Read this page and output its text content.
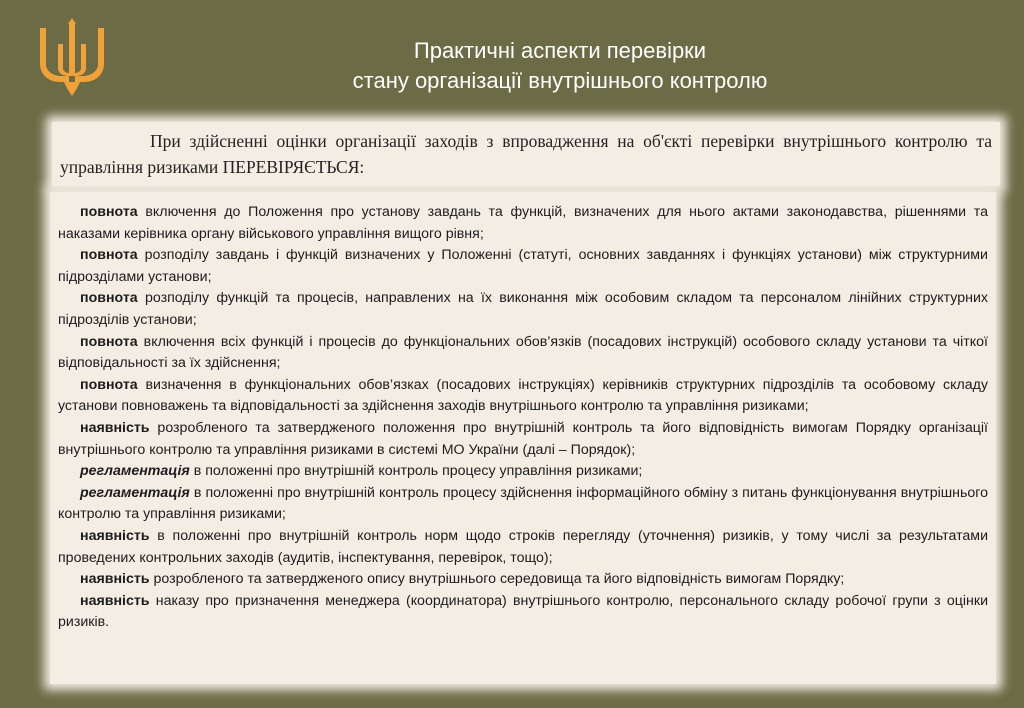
Практичні аспекти перевірки
стану організації внутрішнього контролю

При здійсненні оцінки організації заходів з впровадження на об'єкті перевірки внутрішнього контролю та управління ризиками ПЕРЕВІРЯЄТЬСЯ:

повнота включення до Положення про установу завдань та функцій, визначених для нього актами законодавства, рішеннями та наказами керівника органу військового управління вищого рівня;

повнота розподілу завдань і функцій визначених у Положенні (статуті, основних завданнях і функціях установи) між структурними підрозділами установи;

повнота розподілу функцій та процесів, направлених на їх виконання між особовим складом та персоналом лінійних структурних підрозділів установи;

повнота включення всіх функцій і процесів до функціональних обов’язків (посадових інструкцій) особового складу установи та чіткої відповідальності за їх здійснення;

повнота визначення в функціональних обов’язках (посадових інструкціях) керівників структурних підрозділів та особовому складу установи повноважень та відповідальності за здійснення заходів внутрішнього контролю та управління ризиками;

наявність розробленого та затвердженого положення про внутрішній контроль та його відповідність вимогам Порядку організації внутрішнього контролю та управління ризиками в системі МО України (далі – Порядок);

регламентація в положенні про внутрішній контроль процесу управління ризиками;

регламентація в положенні про внутрішній контроль процесу здійснення інформаційного обміну з питань функціонування внутрішнього контролю та управління ризиками;

наявність в положенні про внутрішній контроль норм щодо строків перегляду (уточнення) ризиків, у тому числі за результатами проведених контрольних заходів (аудитів, інспектування, перевірок, тощо);

наявність розробленого та затвердженого опису внутрішнього середовища та його відповідність вимогам Порядку;

наявність наказу про призначення менеджера (координатора) внутрішнього контролю, персонального складу робочої групи з оцінки ризиків.
